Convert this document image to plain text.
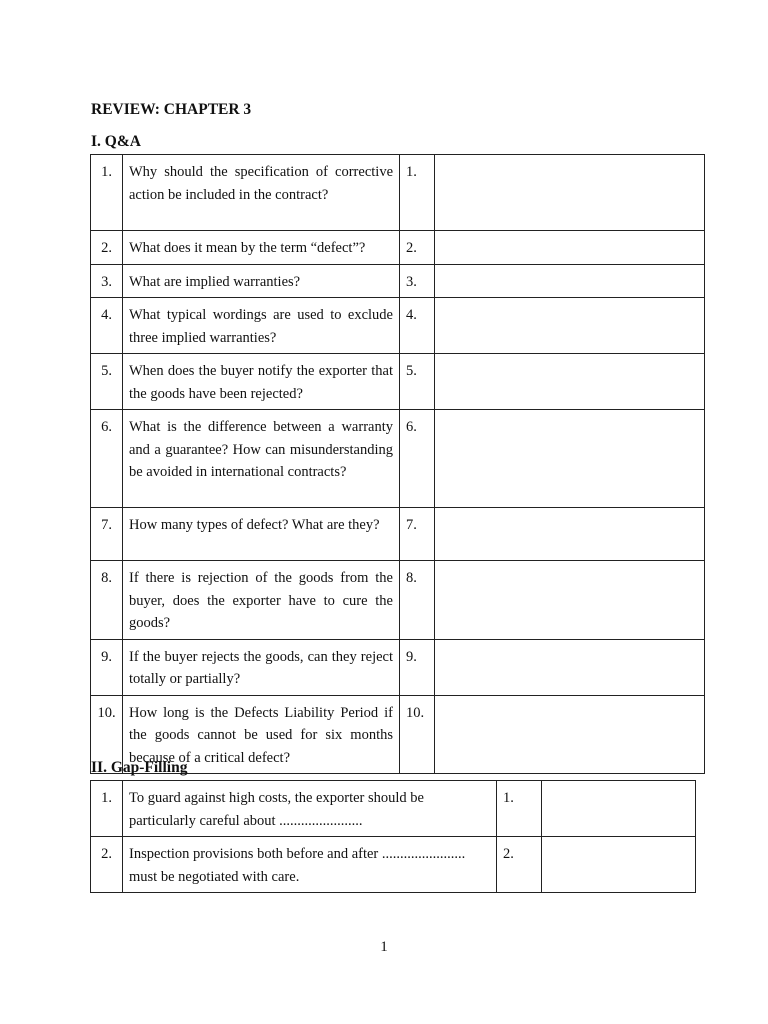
REVIEW: CHAPTER 3
I. Q&A
1.	Why should the specification of corrective action be included in the contract?	1.	
2.	What does it mean by the term “defect”?	2.	
3.	What are implied warranties?	3.	
4.	What typical wordings are used to exclude three implied warranties?	4.	
5.	When does the buyer notify the exporter that the goods have been rejected?	5.	
6.	What is the difference between a warranty and a guarantee? How can misunderstanding be avoided in international contracts?	6.	
7.	How many types of defect? What are they?	7.	
8.	If there is rejection of the goods from the buyer, does the exporter have to cure the goods?	8.	
9.	If the buyer rejects the goods, can they reject totally or partially?	9.	
10.	How long is the Defects Liability Period if the goods cannot be used for six months because of a critical defect?	10.	
II. Gap-Filling
1.	To guard against high costs, the exporter should be particularly careful about .......................	1.	
2.	Inspection provisions both before and after ....................... must be negotiated with care.	2.	
1
